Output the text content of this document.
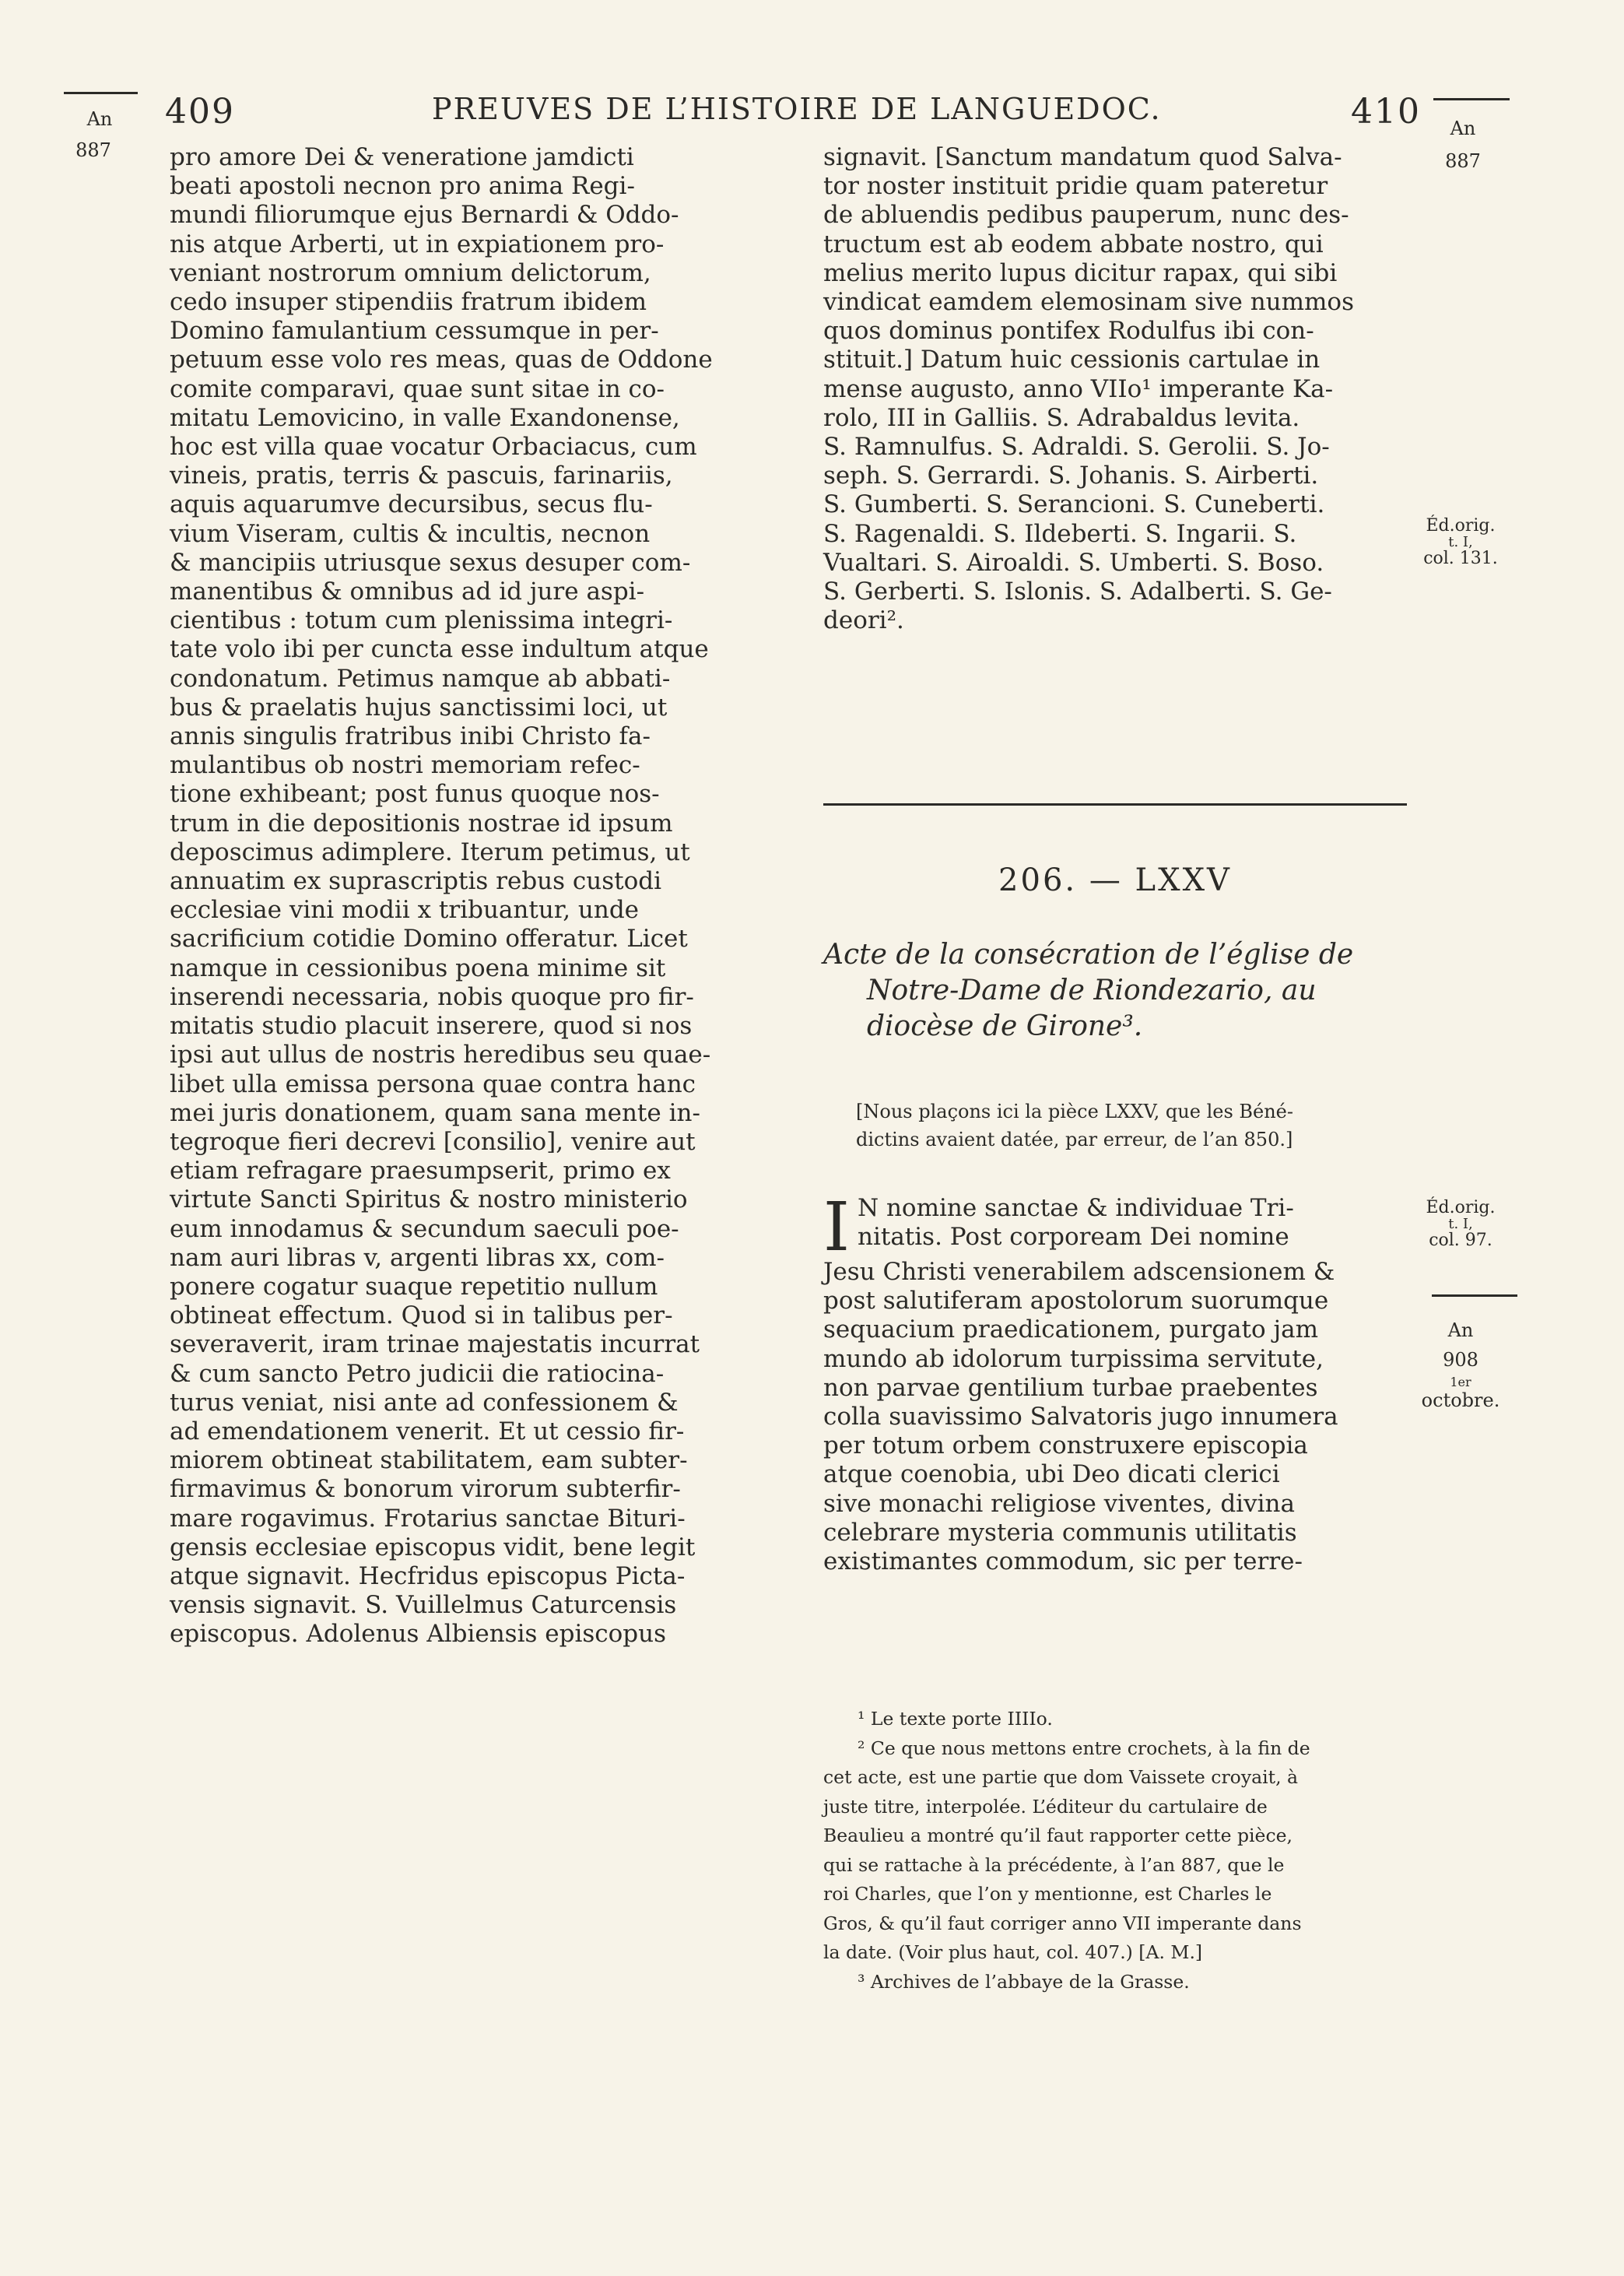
An
887
409	PREUVES DE L’HISTOIRE DE LANGUEDOC.	410	An
887
pro amore Dei & veneratione jamdicti
beati apostoli necnon pro anima Regi-
mundi filiorumque ejus Bernardi & Oddo-
nis atque Arberti, ut in expiationem pro-
veniant nostrorum omnium delictorum,
cedo insuper stipendiis fratrum ibidem
Domino famulantium cessumque in per-
petuum esse volo res meas, quas de Oddone
comite comparavi, quae sunt sitae in co-
mitatu Lemovicino, in valle Exandonense,
hoc est villa quae vocatur Orbaciacus, cum
vineis, pratis, terris & pascuis, farinariis,
aquis aquarumve decursibus, secus flu-
vium Viseram, cultis & incultis, necnon
& mancipiis utriusque sexus desuper com-
manentibus & omnibus ad id jure aspi-
cientibus : totum cum plenissima integri-
tate volo ibi per cuncta esse indultum atque
condonatum. Petimus namque ab abbati-
bus & praelatis hujus sanctissimi loci, ut
annis singulis fratribus inibi Christo fa-
mulantibus ob nostri memoriam refec-
tione exhibeant; post funus quoque nos-
trum in die depositionis nostrae id ipsum
deposcimus adimplere. Iterum petimus, ut
annuatim ex suprascriptis rebus custodi
ecclesiae vini modii x tribuantur, unde
sacrificium cotidie Domino offeratur. Licet
namque in cessionibus poena minime sit
inserendi necessaria, nobis quoque pro fir-
mitatis studio placuit inserere, quod si nos
ipsi aut ullus de nostris heredibus seu quae-
libet ulla emissa persona quae contra hanc
mei juris donationem, quam sana mente in-
tegroque fieri decrevi [consilio], venire aut
etiam refragare praesumpserit, primo ex
virtute Sancti Spiritus & nostro ministerio
eum innodamus & secundum saeculi poe-
nam auri libras v, argenti libras xx, com-
ponere cogatur suaque repetitio nullum
obtineat effectum. Quod si in talibus per-
severaverit, iram trinae majestatis incurrat
& cum sancto Petro judicii die ratiocina-
turus veniat, nisi ante ad confessionem &
ad emendationem venerit. Et ut cessio fir-
miorem obtineat stabilitatem, eam subter-
firmavimus & bonorum virorum subterfir-
mare rogavimus. Frotarius sanctae Bituri-
gensis ecclesiae episcopus vidit, bene legit
atque signavit. Hecfridus episcopus Picta-
vensis signavit. S. Vuillelmus Caturcensis
episcopus. Adolenus Albiensis episcopus
signavit. [Sanctum mandatum quod Salva-
tor noster instituit pridie quam pateretur
de abluendis pedibus pauperum, nunc des-
tructum est ab eodem abbate nostro, qui
melius merito lupus dicitur rapax, qui sibi
vindicat eamdem elemosinam sive nummos
quos dominus pontifex Rodulfus ibi con-
stituit.] Datum huic cessionis cartulae in
mense augusto, anno VIIo¹ imperante Ka-
rolo, III in Galliis. S. Adrabaldus levita.
S. Ramnulfus. S. Adraldi. S. Gerolii. S. Jo-
seph. S. Gerrardi. S. Johanis. S. Airberti.
S. Gumberti. S. Serancioni. S. Cuneberti.
S. Ragenaldi. S. Ildeberti. S. Ingarii. S.
Vualtari. S. Airoaldi. S. Umberti. S. Boso.
S. Gerberti. S. Islonis. S. Adalberti. S. Ge-
deori².
Éd.orig.
t. I,
col. 131.
206. — LXXV
Acte de la consécration de l’église de
Notre-Dame de Riondezario, au
diocèse de Girone³.
[Nous plaçons ici la pièce LXXV, que les Béné-
dictins avaient datée, par erreur, de l’an 850.]
I N nomine sanctae & individuae Tri-
nitatis. Post corpoream Dei nomine
Jesu Christi venerabilem adscensionem &
post salutiferam apostolorum suorumque
sequacium praedicationem, purgato jam
mundo ab idolorum turpissima servitute,
non parvae gentilium turbae praebentes
colla suavissimo Salvatoris jugo innumera
per totum orbem construxere episcopia
atque coenobia, ubi Deo dicati clerici
sive monachi religiose viventes, divina
celebrare mysteria communis utilitatis
existimantes commodum, sic per terre-
Éd.orig.
t. I,
col. 97.
An
908
1er
octobre.
¹ Le texte porte IIIIo.
² Ce que nous mettons entre crochets, à la fin de
cet acte, est une partie que dom Vaissete croyait, à
juste titre, interpolée. L’éditeur du cartulaire de
Beaulieu a montré qu’il faut rapporter cette pièce,
qui se rattache à la précédente, à l’an 887, que le
roi Charles, que l’on y mentionne, est Charles le
Gros, & qu’il faut corriger anno VII imperante dans
la date. (Voir plus haut, col. 407.) [A. M.]
³ Archives de l’abbaye de la Grasse.
